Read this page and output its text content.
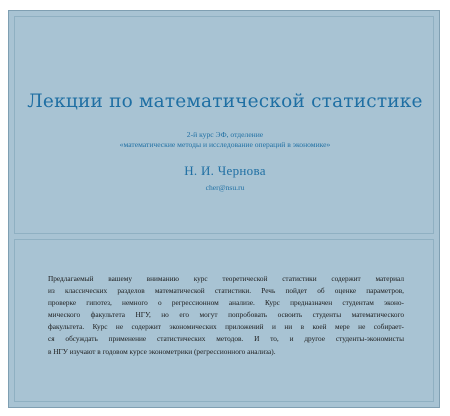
Лекции по математической статистике
2-й курс ЭФ, отделение
«математические методы и исследование операций в экономике»
Н. И. Чернова
cher@nsu.ru
Предлагаемый вашему вниманию курс теоретической статистики содержит материал
из классических разделов математической статистики. Речь пойдет об оценке параметров,
проверке гипотез, немного о регрессионном анализе. Курс предназначен студентам эконо-
мического факультета НГУ, но его могут попробовать освоить студенты математического
факультета. Курс не содержит экономических приложений и ни в коей мере не собирает-
ся обсуждать применение статистических методов. И то, и другое студенты-экономисты
в НГУ изучают в годовом курсе эконометрики (регрессионного анализа).
